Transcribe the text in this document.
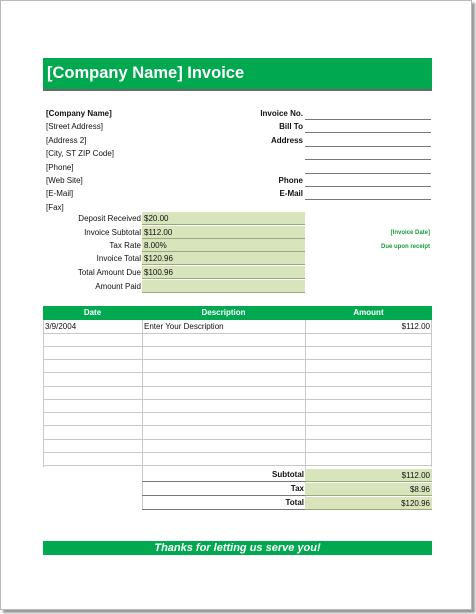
[Company Name] Invoice
[Company Name]
[Street Address]
[Address 2]
[City, ST ZIP Code]
[Phone]
[Web Site]
[E-Mail]
[Fax]
Invoice No.
Bill To
Address
Phone
E-Mail
Deposit Received $20.00
Invoice Subtotal $112.00
Tax Rate 8.00%
Invoice Total $120.96
Total Amount Due $100.96
Amount Paid
[Invoice Date]
Due upon receipt
Date	Description	Amount
3/9/2004	Enter Your Description	$112.00
Subtotal	$112.00
Tax	$8.96
Total	$120.96
Thanks for letting us serve you!
